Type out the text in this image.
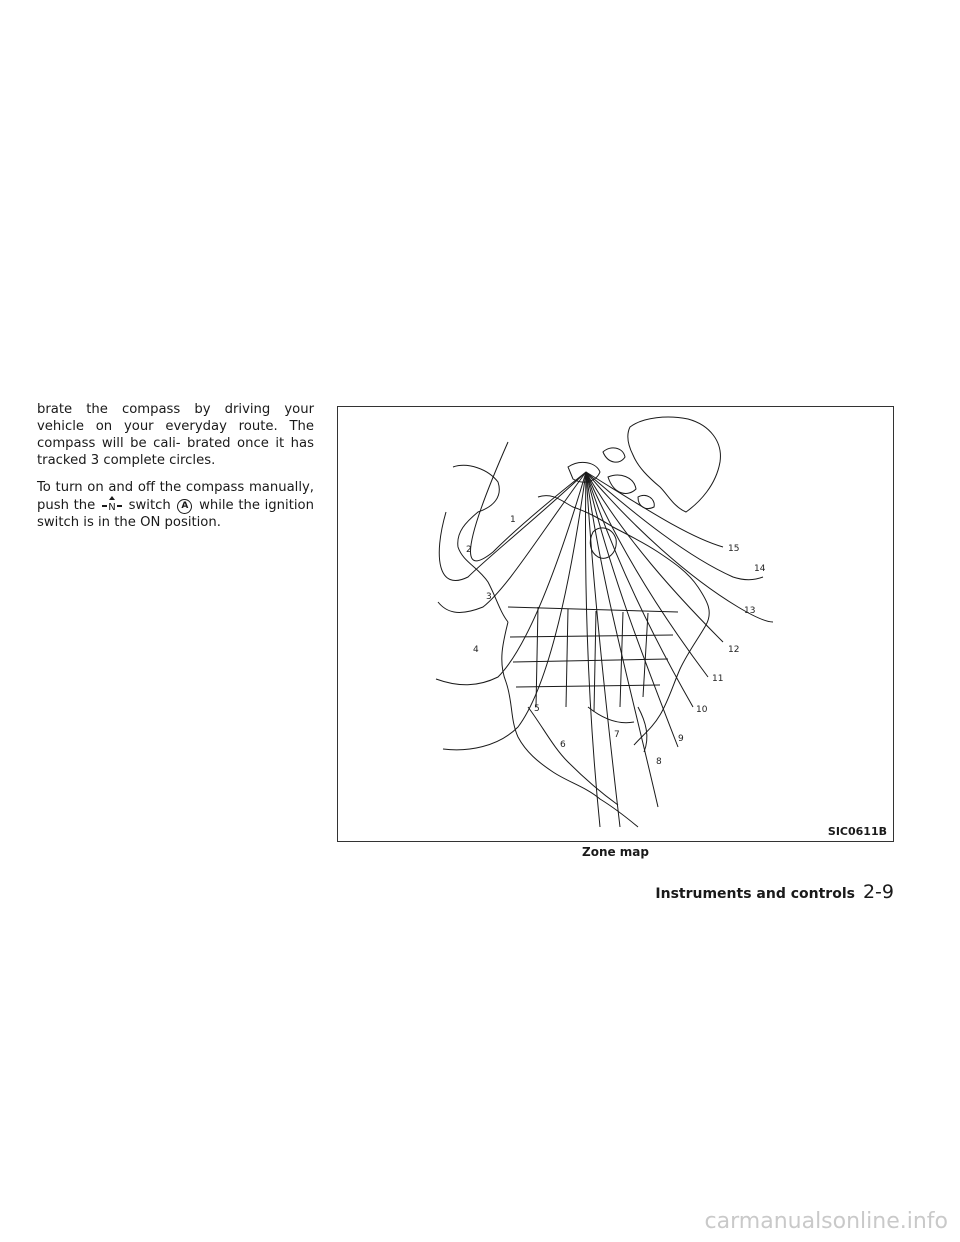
brate the compass by driving your vehicle on your everyday route. The compass will be cali- brated once it has tracked 3 complete circles.

To turn on and off the compass manually, push the N switch A while the ignition switch is in the ON position.	1
2
3
4
5
6
7
8
9
10
11
12
13
14
15
SIC0611B
Zone map
Instruments and controls 2-9
carmanualsonline.info
